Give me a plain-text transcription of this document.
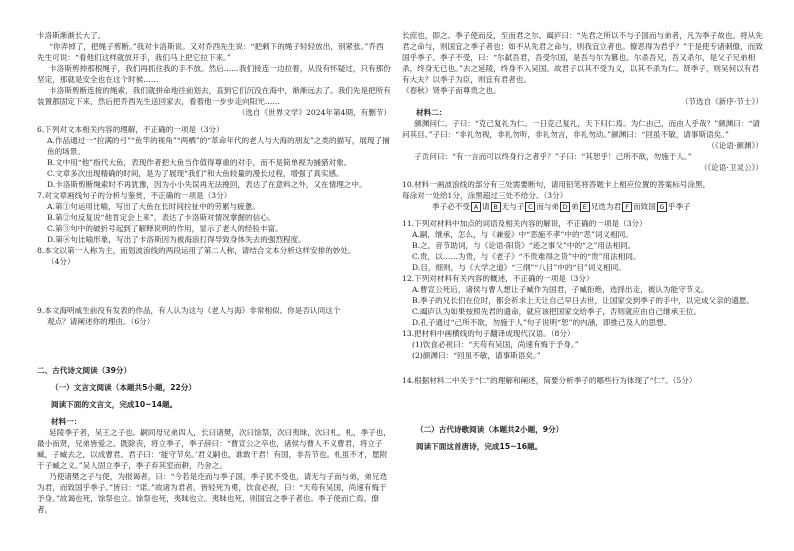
卡洛斯渐渐长大了。

“你弄掉了，把绳子剪断。”我对卡洛斯说。又对乔西先生说：“把剩下的绳子轻轻放出，别紧张。”乔西先生可说：“看他们这样就放开手，我们马上把它拉下来。”

卡洛斯剪掉那根绳子，我们再抓住我的手不放。然后……我们接连一边拉着，从没有怀疑过，只有那份坚定，那就是安全也在这个时候……

卡洛斯剪断连接的绳索，我们就拼命地往前划去，直到它们沉没在海中，渐渐远去了。我们先是把所有装置都固定下来，然后把乔西先生送回家去，看着他一步步走向阳光……

（选自《世界文学》2024年第4期，有删节）

6.下列对文本相关内容的理解，不正确的一项是（3分）

A.作品通过一“拉满的弓”“鱼竿的视角”“两栖”的“革命年代的老人与大海的朋友”之类的描写，展现了捕鱼的场景。

B.文中用“他”指代大鱼，表现作者把大鱼当作值得尊重的对手，而不是简单视为捕猎对象。

C.文章多次出现精确的时间，是为了展现“我们”和大鱼较量的漫长过程，增强了真实感。

D.卡洛斯剪断绳索时不再犹豫，因为小小失误再无法挽回，表达了在意料之外，又在情理之中。

7.对文章画线句子的分析与鉴赏，不正确的一项是（3分）

A.第①句运用比喻，写出了大鱼在长时间拉扯中的劳累与疲惫。

B.第②句反复说“他肯定会上来”，表达了卡洛斯对情况掌握的信心。

C.第③句中的破折号起到了解释说明的作用，显示了老人的经验丰富。

D.第④句比喻形象，写出了卡洛斯因为被海浪打得导致身体失去的强烈程度。

8.本文以第一人称为主，而划波浪线的两段运用了第二人称，请结合文本分析这样安排的妙处。

（4分）

9.本文海明威生前没有发表的作品，有人认为这与《老人与海》非常相似。你是否认同这个

观点？请阐述你的理由。（6分）

二、古代诗文阅读（39分）

（一）文言文阅读（本题共5小题，22分）

阅读下面的文言文，完成10~14题。

材料一：

延陵季子者，吴王之子也。嗣同母兄弟四人，长曰诸樊，次曰馀祭，次曰夷昧，次曰札。札，季子也，最小而贤，兄弟皆爱之。既除丧，将立季子，季子辞曰：“曹宣公之卒也，诸侯与曹人不义曹君，将立子臧，子臧去之，以成曹君。君子曰：‘能守节矣。’君义嗣也，谁敢干君！有国，非吾节也。札虽不才，愿附于子臧之义。”吴人固立季子，季子弃其室而耕，乃舍之。

乃使诸樊之子与使，为报谒者，曰：“今若是迮而与季子国，季子犹不受也，请无与子而与弟，弟兄迭为君，而致国乎季子。”皆曰：“诺。”故诸为君者，皆轻死为勇，饮食必祝，曰：“天苟有吴国，尚速有悔于予身。”故谒也死，馀祭也立。馀祭也死，夷昧也立。夷昧也死，则国宜之季子者也。季子使而亡焉。僚者，

长庶也，即之。季子使而反，至而君之尔。阖庐曰：“先君之所以不与子国而与弟者，凡为季子故也。将从先君之命与，则国宜之季子者也；如不从先君之命与，则我宜立者也。僚恶得为君乎？”于是使专诸刺僚，而致国乎季子。季子不受，曰：“尔弑吾君，吾受尔国，是吾与尔为篡也。尔杀吾兄，吾又杀尔，是父子兄弟相杀，终身无已也。”去之延陵，终身不入吴国。故君子以其不受为义，以其不杀为仁。贤季子，则吴何以有君有大夫？以季子为臣，则宜有君者也。

《春秋》贤季子而尊贵之也。

（节选自《新序·节士》）

材料二：

颜渊问仁。子曰：“克己复礼为仁。一日克己复礼，天下归仁焉。为仁由己，而由人乎哉？”颜渊曰：“请问其目。”子曰：“非礼勿视，非礼勿听，非礼勿言，非礼勿动。”颜渊曰：“回虽不敏，请事斯语矣。”

（《论语·颜渊》）

子贡问曰：“有一言而可以终身行之者乎？”子曰：“其恕乎！己所不欲，勿施于人。”

（《论语·卫灵公》）

10.材料一画波浪线的部分有三处需要断句，请用铅笔将答题卡上相应位置的答案标号涂黑，

每涂对一处给1分，涂黑超过三处不给分。（3分）

季子必不受 A 请 B 无与子 C 而与弟 D 弟 E 兄迭为君 F 而致国 G 乎季子

11.下列对材料中加点的词语及相关内容的解说，不正确的一项是（3分）

A.嗣，继承，怎么，与《兼爱》中“恶施不孝”中的“恶”词义相同。

B.之，音节助词，与《论语·阳货》“迹之事父”中的“之”用法相同。

C.贵，以……为贵，与《老子》“不贵难得之货”中的“贵”用法相同。

D.目，细则，与《大学之道》“三纲”“八目”中的“目”词义相同。

12.下列对材料有关内容的概述，不正确的一项是（3分）

A.曹宣公死后，诸侯与曹人想让子臧作为国君，子臧拒绝，选择出走，被认为能守节义。

B.季子的兄长们在位时，都会祈求上天让自己早日去世，让国家交到季子的手中，以完成父亲的遗愿。

C.阖庐认为如果按照先君的遗命，就应该把国家交给季子，否则就应由自己继承王位。

D.孔子通过“己所不欲，勿施于人”句子说明“恕”的内涵，即推己及人的思想。

13.把材料中画横线的句子翻译成现代汉语。（8分）

(1)饮食必祝曰：“天苟有吴国，尚速有悔于予身。”

(2)颜渊曰：“回虽不敏，请事斯语矣。”

14.根据材料二中关于“仁”的理解和阐述，简要分析季子的哪些行为体现了“仁”。（5分）

（二）古代诗歌阅读（本题共2小题，9分）

阅读下面这首唐诗，完成15~16题。
